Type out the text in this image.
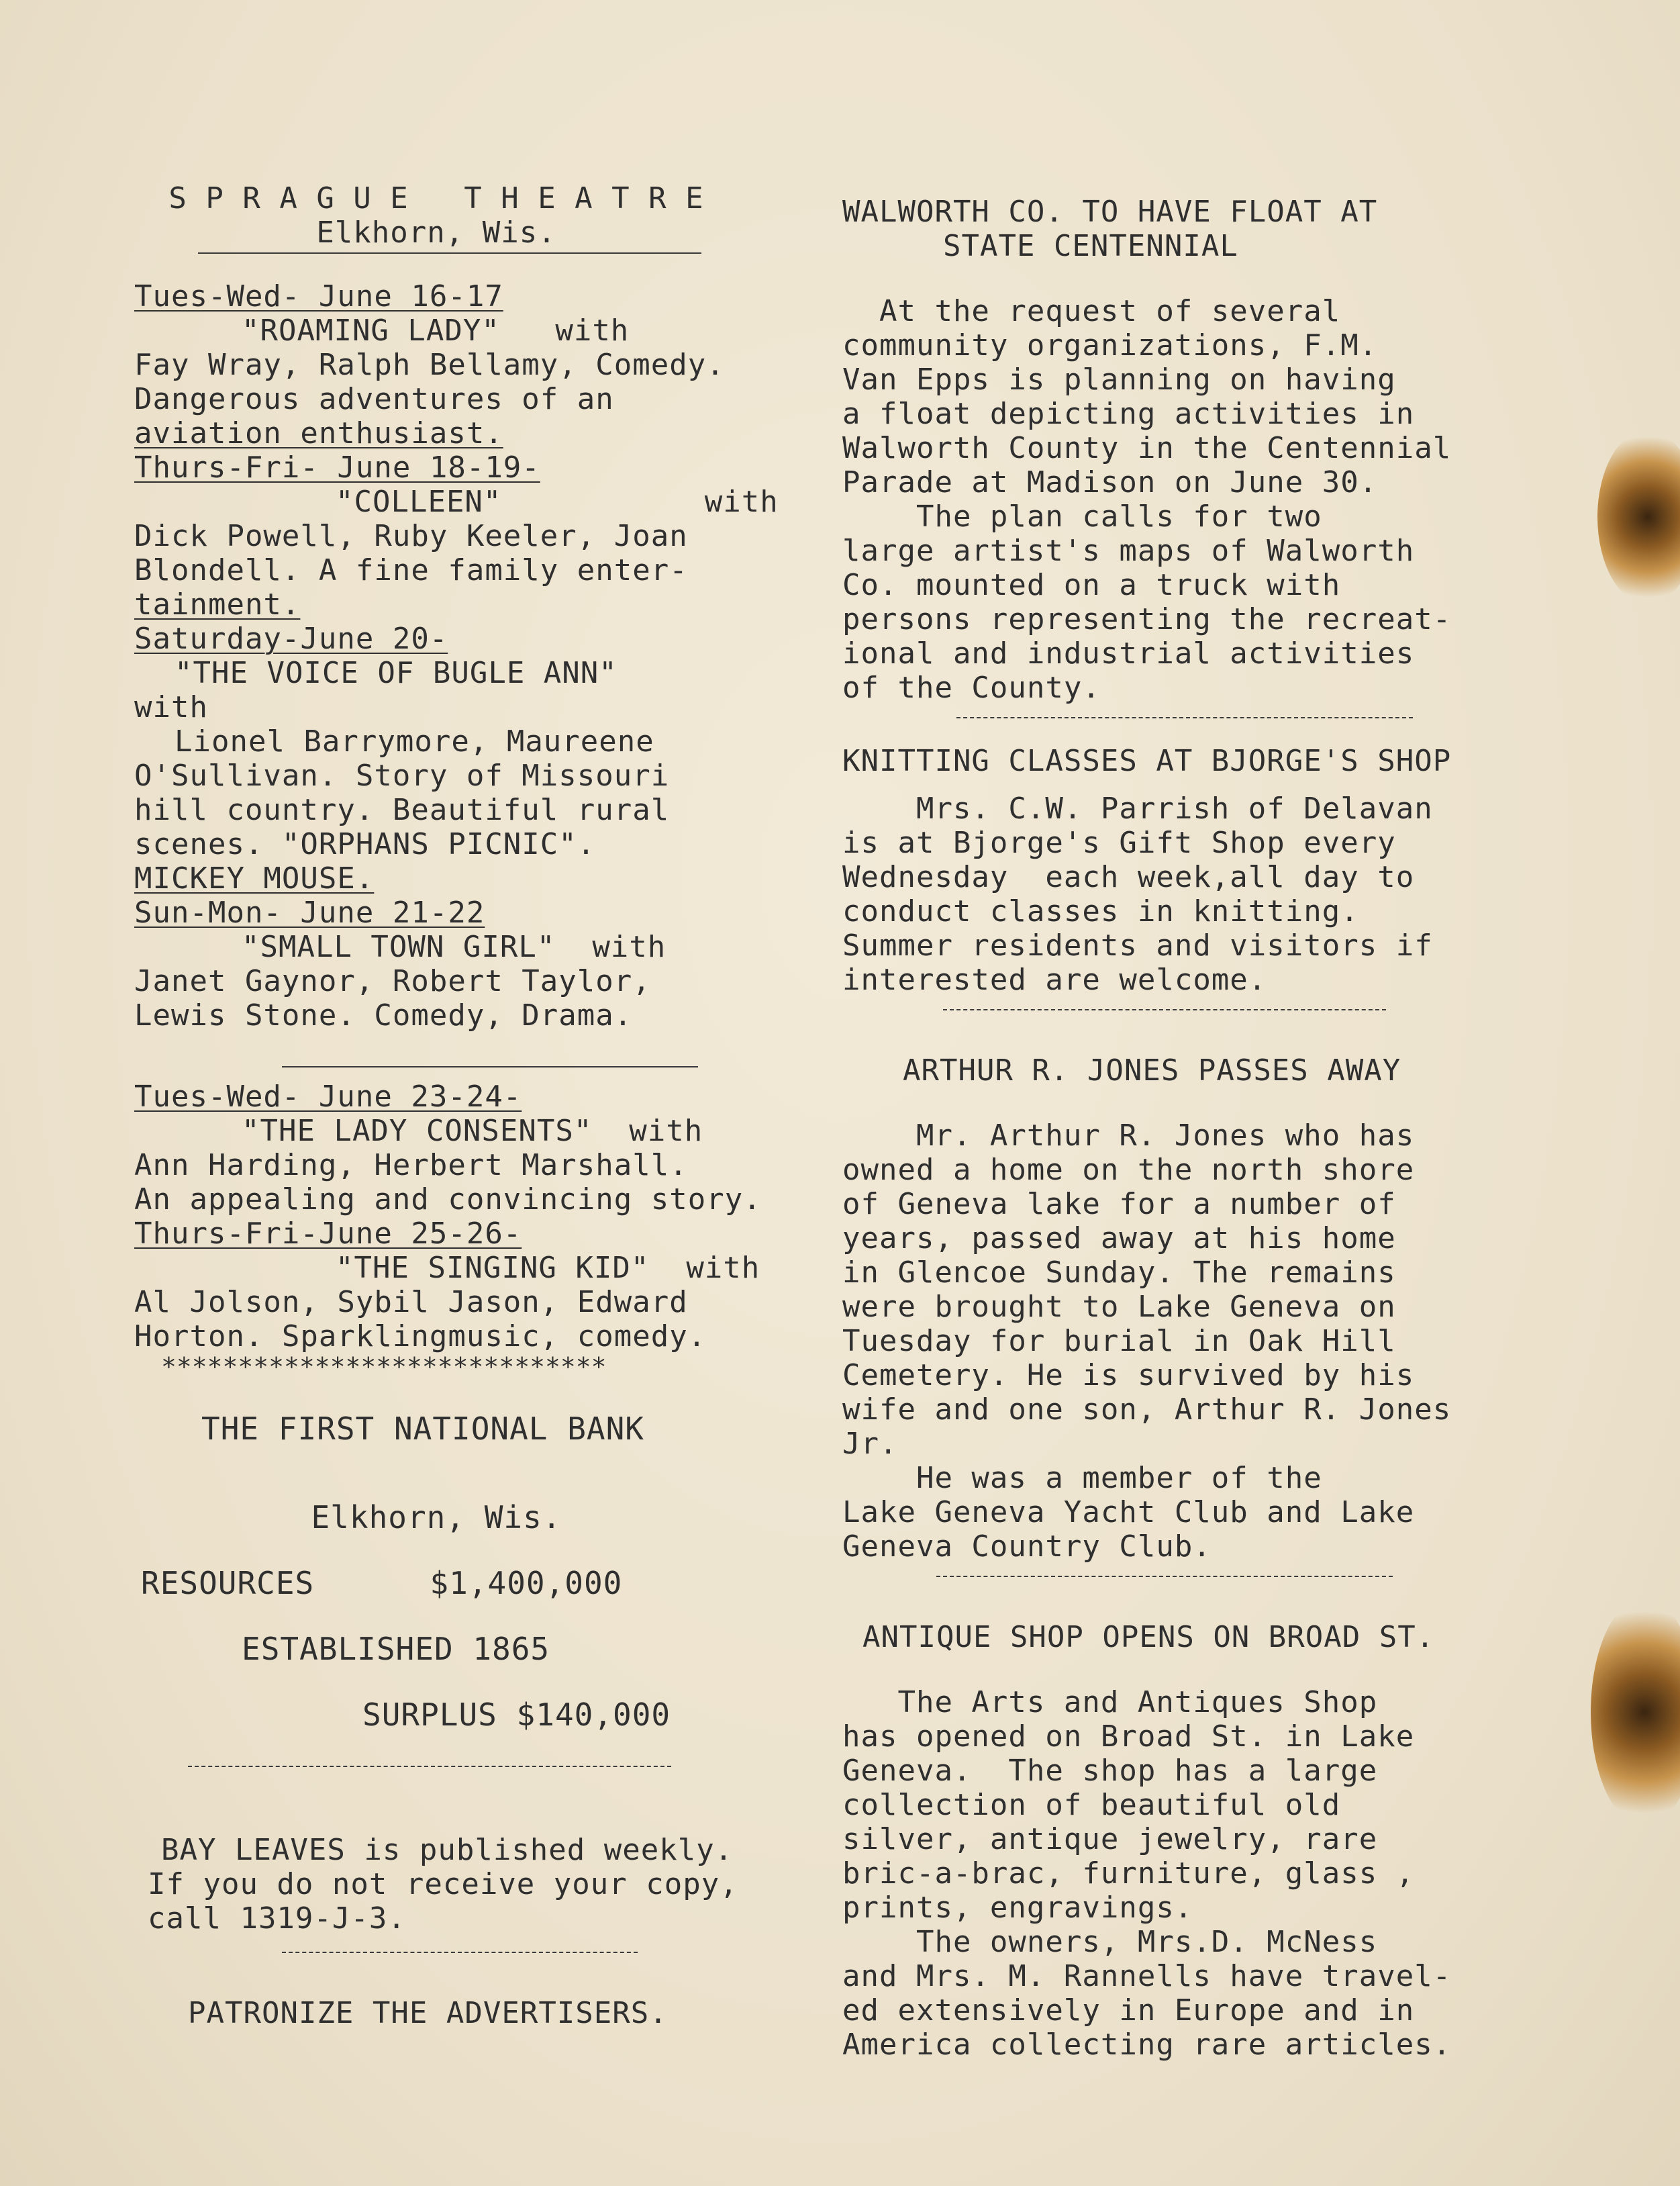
S P R A G U E   T H E A T R E
Elkhorn, Wis.
Tues-Wed- June 16-17
"ROAMING LADY"   with
Fay Wray, Ralph Bellamy, Comedy.
Dangerous adventures of an
aviation enthusiast.
Thurs-Fri- June 18-19-
"COLLEEN"           with
Dick Powell, Ruby Keeler, Joan
Blondell. A fine family enter-
tainment.
Saturday-June 20-
"THE VOICE OF BUGLE ANN"
with
Lionel Barrymore, Maureene
O'Sullivan. Story of Missouri
hill country. Beautiful rural
scenes. "ORPHANS PICNIC".
MICKEY MOUSE.
Sun-Mon- June 21-22
"SMALL TOWN GIRL"  with
Janet Gaynor, Robert Taylor,
Lewis Stone. Comedy, Drama.
Tues-Wed- June 23-24-
"THE LADY CONSENTS"  with
Ann Harding, Herbert Marshall.
An appealing and convincing story.
Thurs-Fri-June 25-26-
"THE SINGING KID"  with
Al Jolson, Sybil Jason, Edward
Horton. Sparklingmusic, comedy.
*****************************
THE FIRST NATIONAL BANK
Elkhorn, Wis.
RESOURCES      $1,400,000
ESTABLISHED 1865
SURPLUS $140,000
BAY LEAVES is published weekly.
If you do not receive your copy,
call 1319-J-3.
PATRONIZE THE ADVERTISERS.
WALWORTH CO. TO HAVE FLOAT AT
STATE CENTENNIAL
At the request of several
community organizations, F.M.
Van Epps is planning on having
a float depicting activities in
Walworth County in the Centennial
Parade at Madison on June 30.
The plan calls for two
large artist's maps of Walworth
Co. mounted on a truck with
persons representing the recreat-
ional and industrial activities
of the County.
KNITTING CLASSES AT BJORGE'S SHOP
Mrs. C.W. Parrish of Delavan
is at Bjorge's Gift Shop every
Wednesday  each week,all day to
conduct classes in knitting.
Summer residents and visitors if
interested are welcome.
ARTHUR R. JONES PASSES AWAY
Mr. Arthur R. Jones who has
owned a home on the north shore
of Geneva lake for a number of
years, passed away at his home
in Glencoe Sunday. The remains
were brought to Lake Geneva on
Tuesday for burial in Oak Hill
Cemetery. He is survived by his
wife and one son, Arthur R. Jones
Jr.
He was a member of the
Lake Geneva Yacht Club and Lake
Geneva Country Club.
ANTIQUE SHOP OPENS ON BROAD ST.
The Arts and Antiques Shop
has opened on Broad St. in Lake
Geneva.  The shop has a large
collection of beautiful old
silver, antique jewelry, rare
bric-a-brac, furniture, glass ,
prints, engravings.
The owners, Mrs.D. McNess
and Mrs. M. Rannells have travel-
ed extensively in Europe and in
America collecting rare articles.
